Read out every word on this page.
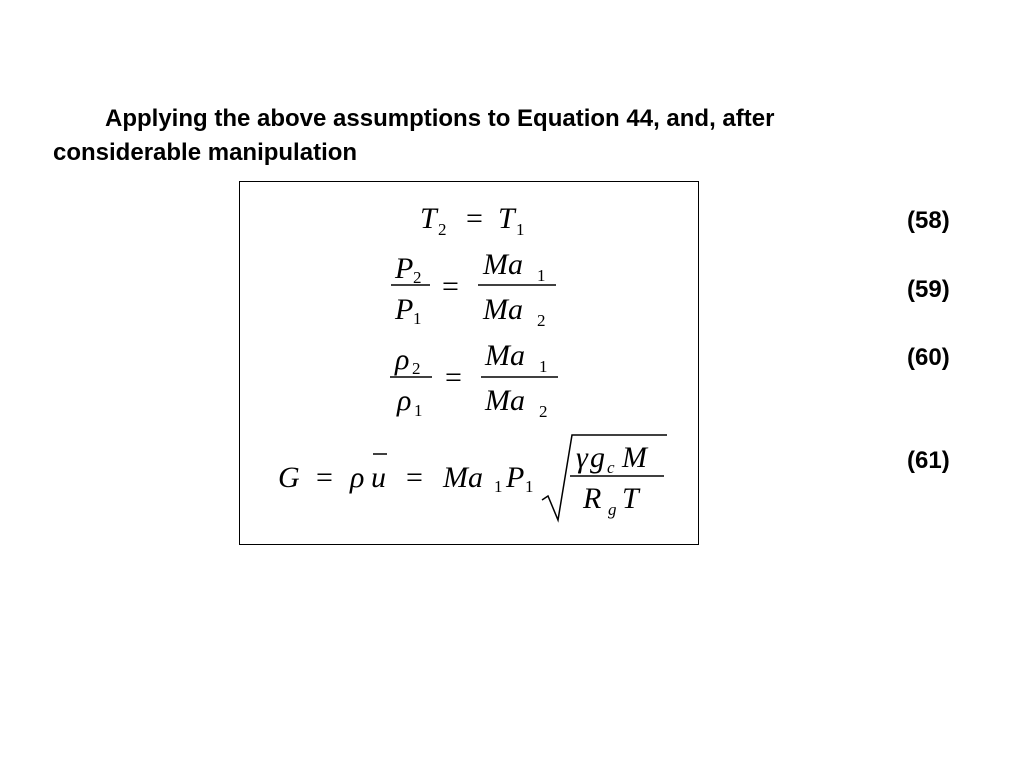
Applying the above assumptions to Equation 44, and, after
considerable manipulation

T 2 = T 1
P 2
P 1
=
Ma 1
Ma 2
ρ 2
ρ 1
=
Ma 1
Ma 2
G = ρ u = Ma 1 P 1
γ g c M
R g T
(58)
(59)
(60)
(61)
